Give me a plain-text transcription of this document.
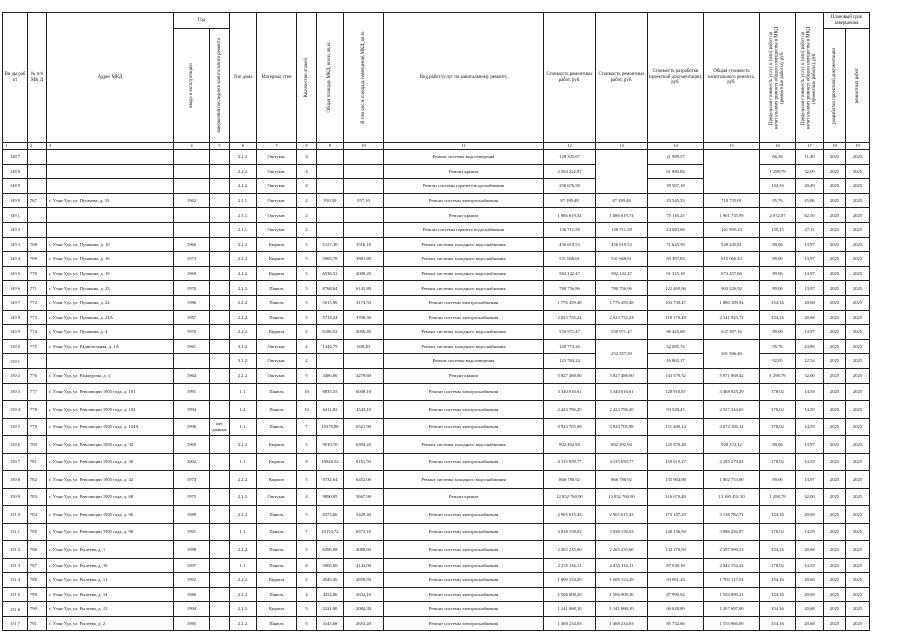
Ви ды раб от	№ п/п МК Д	Адрес МКД	Год		Тип дома	Материал стен	Количество этажей	Общая площадь МКД, всего, кв.м.	В том числе площадь помещений МКД, кв.м.	Вид работ/услуг по капитальному ремонту	Стоимость ремонтных работ, руб.	Стоимость ремонтных работ, руб.	Стоимость разработки проектной документации, руб.	Общая стоимость капитального ремонта, руб.	Предельная стоимость услуг и (или) работ по капитальному ремонту общего имущества в МКД (ремонтные работы), руб.	Предельная стоимость услуг и (или) работ по капитальному ремонту общего имущества в МКД (проектные работы), руб.	Плановый срок завершения	

			ввода в эксплуатацию	завершения последнего капитального ремонта													разработки проектной документации	ремонтных работ

1	2	3	4	5	6	7	8	9	10	11	12	13	14	15	16	17	18	19
148 7					2.2.2.	Оштукат.	4			Ремонт системы водоотведения	128 335,67		21 989,57		66,56	11,40	2025	2025
148 8					2.2.2.	Оштукат.	4			Ремонт крыши	2 504 222,97		61 880,84		1 298,79	32,09	2025	2025
148 9					2.2.2.	Оштукат.	4			Ремонт системы горячего водоснабжения	258 676,58		39 507,18		134,16	20,49	2025	2025
149 0	767	г. Улан-Удэ, ул. Пугачева, д. 33	1962		2.1.1.	Оштукат.	2	910,50	557,10	Ремонт системы электроснабжения	87 189,48	87 189,48	23 545,53	710 735,01	95,76	25,86	2025	2025
149 1					2.1.1.	Оштукат.	2			Ремонт крыши	1 886 619,54	1 886 619,74	75 116,25	1 961 735,99	2 072,07	82,50	2025	2025
149 2					2.1.1.	Оштукат.	2			Ремонт системы горячего водоснабжения	136 711,58	136 711,58	24 683,66	161 395,23	150,15	27,11	2025	2025
149 3	768	г. Улан-Удэ, ул. Пушкина, д. 10	1966		2.2.2.	Кирпич	5	5127,30	3516,10	Ремонт системы холодного водоснабжения	456 619,53	456 619,53	71 625,59	528 245,81	89,06	13,97	2025	2025
149 4	769	г. Улан-Удэ, ул. Пушкина, д. 16	1973		2.2.2.	Кирпич	5	5969,78	3881,80	Ремонт системы холодного водоснабжения	531 668,61	531 668,61	83 397,83	615 066,43	89,06	13,97	2025	2025
149 5	770	г. Улан-Удэ, ул. Пушкина, д. 19	1969		2.2.2.	Кирпич	5	6536,52	4008,20	Ремонт системы холодного водоснабжения	582 142,47	582 142,47	91 315,18	673 457,66	89,06	13,97	2025	2025
149 6	771	г. Улан-Удэ, ул. Пушкина, д. 23	1970		2.2.2.	Панель	5	8768,64	6141,80	Ремонт системы холодного водоснабжения	780 756,96	780 756,96	122 469,96	903 226,92	89,06	13,97	2025	2025
149 7	772	г. Улан-Удэ, ул. Пушкина, д. 24	1986		2.2.2.	Панель	5	5015,96	3174,50	Ремонт системы электроснабжения	1 776 459,48	1 776 459,48	103 730,47	1 880 189,94	354,16	20,68	2025	2025
149 8	773	г. Улан-Удэ, ул. Пушкина, д. 24А	1987		2.2.2.	Панель	5	5714,24	3706,30	Ремонт системы электроснабжения	2 023 755,24	2 023 755,24	118 170,48	2 141 925,72	354,16	20,68	2025	2025
149 9	774	г. Улан-Удэ, ул. Пушкина, д. 4	1970		2.2.2.	Кирпич	5	6186,52	4056,40	Ремонт системы холодного водоснабжения	550 971,47	550 971,47	86 425,68	637 397,16	89,06	13,97	2025	2025
150 0	775	г. Улан-Удэ, ул. Радиотельная, д. 1А	1961		3.1.2.	Оштукат.	2	1344,75	698,40	Ремонт системы холодного водоснабжения	128 773,26	252 557,50	32 085,74	301 506,40	95,76	23,86	2025	2025
150 1					3.1.2.	Оштукат.	2			Ремонт системы водоотведения	123 784,24		16 863,17		92,05	12,54	2025	2025
150 2	776	г. Улан-Удэ, ул. Ранжурова, д. 1	1963		2.2.2.	Оштукат.	5	4486,86	3279,60	Ремонт крыши	5 827 488,90	5 827 488,90	143 579,52	5 971 068,42	1 298,79	32,00	2025	2025
150 3	777	г. Улан-Удэ, ул. Революции 1905 года, д. 101	1991		1.1.	Панель	10	8835,55	6049,10	Ремонт системы электроснабжения	3 340 016,61	3 340 016,61	128 910,67	3 468 925,29	378,02	14,59	2025	2025
150 4	778	г. Улан-Удэ, ул. Революции 1905 года, д. 104	1994		1.2.	Панель	10	6411,82	4543,10	Ремонт системы электроснабжения	2 423 796,20	2 423 796,20	93 548,45	2 517 344,65	378,02	14,59	2025	2025
150 5	779	г. Улан-Удэ, ул. Революции 1905 года, д. 104А	1996	нет данных	1.1.	Панель	7	10379,98	6521,90	Ремонт системы электроснабжения	3 923 705,98	3 923 705,98	151 400,14	4 074 106,12	378,02	14,59	2025	2025
150 6	780	г. Улан-Удэ, ул. Революции 1905 года, д. 32	1969		2.2.2.	Кирпич	5	9010,70	6394,20	Ремонт системы холодного водоснабжения	802 492,94	802 492,94	125 879,48	928 372,42	89,06	13,97	2025	2025
150 7	781	г. Улан-Удэ, ул. Революции 1905 года, д. 38	2002		1.1.	Кирпич	9	10940,32	8161,50	Ремонт системы электроснабжения	4 135 659,77	4 135 659,77	159 619,27	4 295 279,04	378,02	14,59	2025	2025
150 8	782	г. Улан-Удэ, ул. Революции 1905 года, д. 42	1974		2.2.2.	Кирпич	5	9732,64	6452,00	Ремонт системы холодного водоснабжения	866 788,92	866 788,92	135 964,98	1 002 753,90	89,06	13,97	2025	2025
150 9	783	г. Улан-Удэ, ул. Революции 1905 года, д. 68	1975		2.2.2.	Оштукат.	4	9890,95	5667,90	Ремонт крыши	12 852 760,90	12 852 760,90	316 670,40	13 169 431,30	1 298,79	32,00	2025	2025
151 0	784	г. Улан-Удэ, ул. Революции 1905 года, д. 96	1989		2.2.2.	Панель	5	8373,66	5429,40	Ремонт системы электроснабжения	2 965 615,43	2 965 615,43	173 167,29	3 138 782,71	354,16	20,68	2025	2025
151 1	785	г. Улан-Удэ, ул. Революции 1905 года, д. 98	1991		1.1.	Панель	7	10153,72	6573,10	Ремонт системы электроснабжения	3 838 158,03	3 838 158,03	148 136,94	3 986 294,97	378,02	14,59	2025	2025
151 2	786	г. Улан-Удэ, ул. Рылеева, д. 1	1988		2.2.2.	Панель	5	6396,08	4080,60	Ремонт системы электроснабжения	2 265 235,60	2 265 235,60	132 270,93	2 397 506,53	354,16	20,68	2025	2025
151 3	787	г. Улан-Удэ, ул. Рылеева, д. 10	1997		1.1.	Панель	6	5965,60	4143,90	Ремонт системы электроснабжения	2 255 116,11	2 255 116,11	87 038,10	2 342 154,22	378,02	14,59	2025	2025
151 4	788	г. Улан-Удэ, ул. Рылеева, д. 11	1992		2.2.2.	Кирпич	5	4543,56	2858,50	Ремонт системы электроснабжения	1 609 154,29	1 609 154,29	93 961,23	1 703 115,53	354,16	20,68	2025	2025
151 5	789	г. Улан-Удэ, ул. Рылеева, д. 14	1986		2.2.2.	Панель	4	4254,86	2632,10	Ремонт системы электроснабжения	1 506 908,30	1 506 908,30	87 990,92	1 594 899,22	354,16	20,68	2025	2025
151 6	790	г. Улан-Удэ, ул. Рылеева, д. 15	1994		2.2.2.	Кирпич	5	3221,90	2084,30	Ремонт системы электроснабжения	1 141 068,10	1 141 068,10	66 628,89	1 207 697,00	354,16	20,68	2025	2025
151 7	791	г. Улан-Удэ, ул. Рылеева, д. 2	1985		2.2.2.	Панель	5	4143,68	2653,20	Ремонт системы электроснабжения	1 468 234,03	1 468 234,03	85 732,66	1 553 966,69	354,16	20,68	2025	2025
